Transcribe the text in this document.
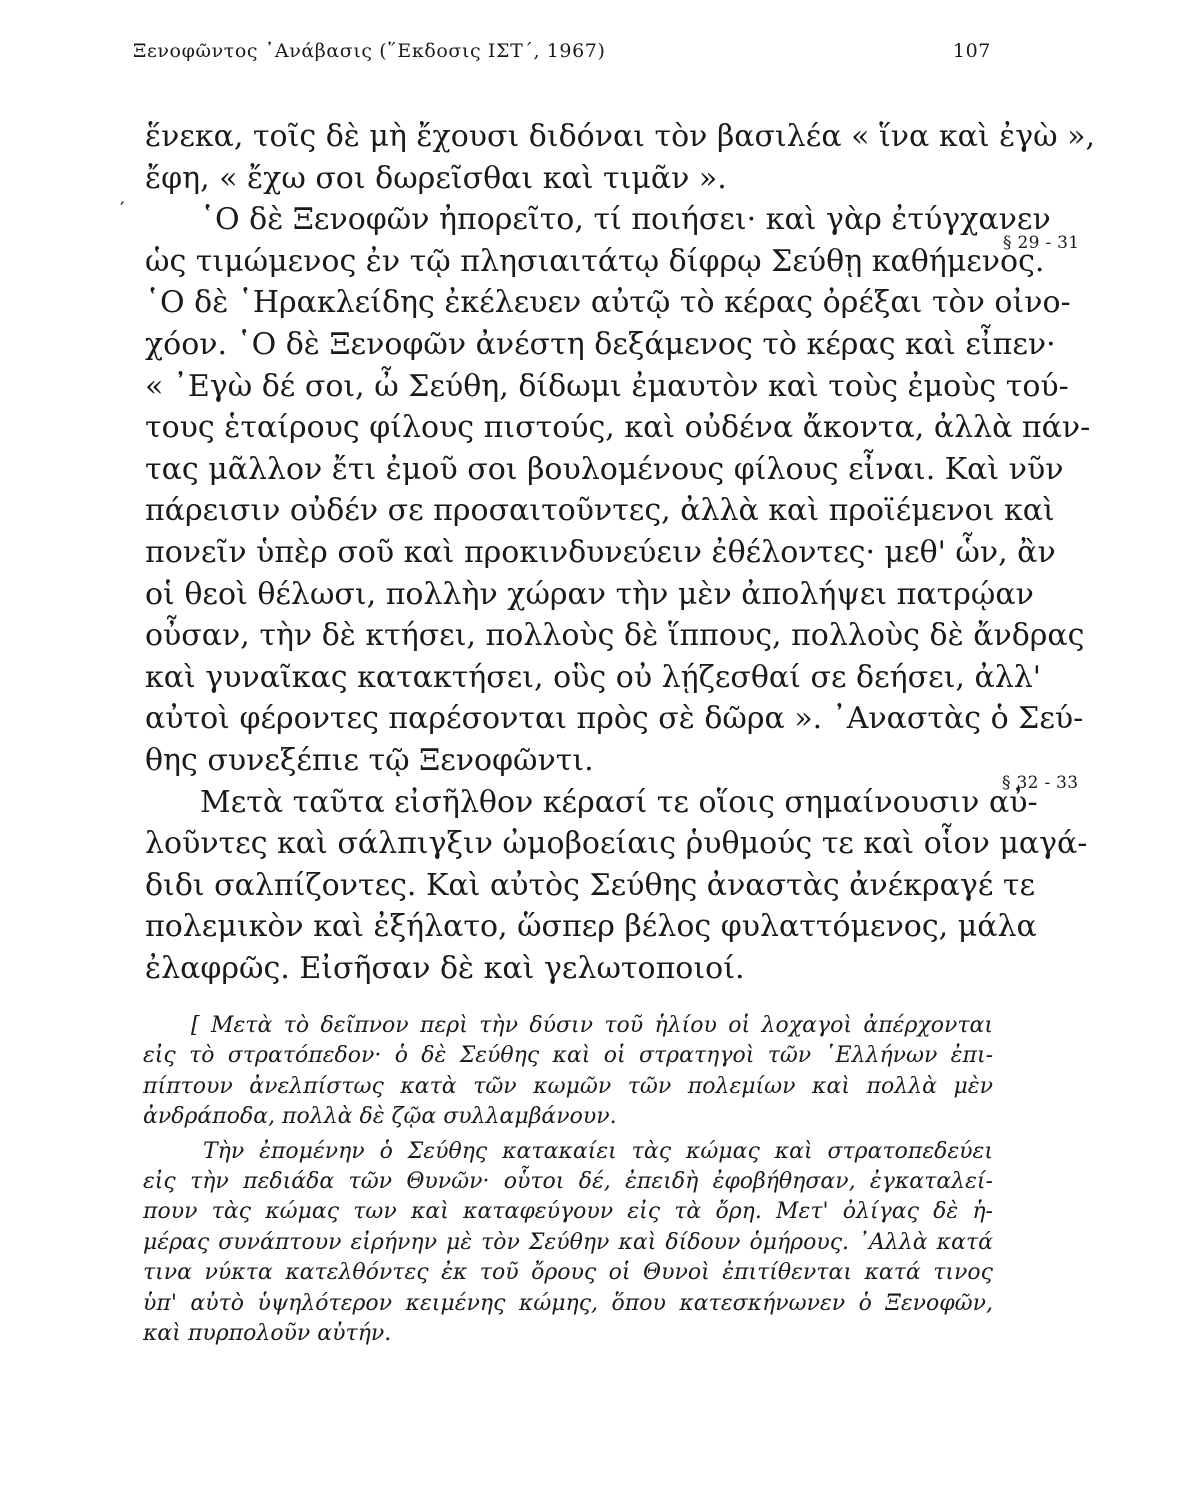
Ξενοφῶντος ᾿Ανάβασις (῞Εκδοσις ΙΣΤ΄, 1967)	107
′
ἕνεκα, τοῖς δὲ μὴ ἔχουσι διδόναι τὸν βασιλέα « ἵνα καὶ ἐγὼ »,
ἔφη, « ἔχω σοι δωρεῖσθαι καὶ τιμᾶν ».
῾Ο δὲ Ξενοφῶν ἠπορεῖτο, τί ποιήσει· καὶ γὰρ ἐτύγχανεν
ὡς τιμώμενος ἐν τῷ πλησιαιτάτῳ δίφρῳ Σεύθῃ καθήμενος.
῾Ο δὲ ῾Ηρακλείδης ἐκέλευεν αὐτῷ τὸ κέρας ὀρέξαι τὸν οἰνο-
χόον. ῾Ο δὲ Ξενοφῶν ἀνέστη δεξάμενος τὸ κέρας καὶ εἶπεν·
« ᾿Εγὼ δέ σοι, ὦ Σεύθη, δίδωμι ἐμαυτὸν καὶ τοὺς ἐμοὺς τού-
τους ἑταίρους φίλους πιστούς, καὶ οὐδένα ἄκοντα, ἀλλὰ πάν-
τας μᾶλλον ἔτι ἐμοῦ σοι βουλομένους φίλους εἶναι. Καὶ νῦν
πάρεισιν οὐδέν σε προσαιτοῦντες, ἀλλὰ καὶ προϊέμενοι καὶ
πονεῖν ὑπὲρ σοῦ καὶ προκινδυνεύειν ἐθέλοντες· μεθ' ὧν, ἂν
οἱ θεοὶ θέλωσι, πολλὴν χώραν τὴν μὲν ἀπολήψει πατρῴαν
οὖσαν, τὴν δὲ κτήσει, πολλοὺς δὲ ἵππους, πολλοὺς δὲ ἄνδρας
καὶ γυναῖκας κατακτήσει, οὓς οὐ λῄζεσθαί σε δεήσει, ἀλλ'
αὐτοὶ φέροντες παρέσονται πρὸς σὲ δῶρα ». ᾿Αναστὰς ὁ Σεύ-
θης συνεξέπιε τῷ Ξενοφῶντι.
Μετὰ ταῦτα εἰσῆλθον κέρασί τε οἵοις σημαίνουσιν αὐ-
λοῦντες καὶ σάλπιγξιν ὠμοβοείαις ῥυθμούς τε καὶ οἷον μαγά-
διδι σαλπίζοντες. Καὶ αὐτὸς Σεύθης ἀναστὰς ἀνέκραγέ τε
πολεμικὸν καὶ ἐξήλατο, ὥσπερ βέλος φυλαττόμενος, μάλα
ἐλαφρῶς. Εἰσῆσαν δὲ καὶ γελωτοποιοί.
§ 29 - 31
§ 32 - 33
[ Μετὰ τὸ δεῖπνον περὶ τὴν δύσιν τοῦ ἡλίου οἱ λοχαγοὶ ἀπέρχονται
εἰς τὸ στρατόπεδον· ὁ δὲ Σεύθης καὶ οἱ στρατηγοὶ τῶν ῾Ελλήνων ἐπι-
πίπτουν ἀνελπίστως κατὰ τῶν κωμῶν τῶν πολεμίων καὶ πολλὰ μὲν
ἀνδράποδα, πολλὰ δὲ ζῷα συλλαμβάνουν.
Τὴν ἐπομένην ὁ Σεύθης κατακαίει τὰς κώμας καὶ στρατοπεδεύει
εἰς τὴν πεδιάδα τῶν Θυνῶν· οὗτοι δέ, ἐπειδὴ ἐφοβήθησαν, ἐγκαταλεί-
πουν τὰς κώμας των καὶ καταφεύγουν εἰς τὰ ὄρη. Μετ' ὀλίγας δὲ ἡ-
μέρας συνάπτουν εἰρήνην μὲ τὸν Σεύθην καὶ δίδουν ὁμήρους. ᾿Αλλὰ κατά
τινα νύκτα κατελθόντες ἐκ τοῦ ὄρους οἱ Θυνοὶ ἐπιτίθενται κατά τινος
ὑπ' αὐτὸ ὑψηλότερον κειμένης κώμης, ὅπου κατεσκήνωνεν ὁ Ξενοφῶν,
καὶ πυρπολοῦν αὐτήν.
